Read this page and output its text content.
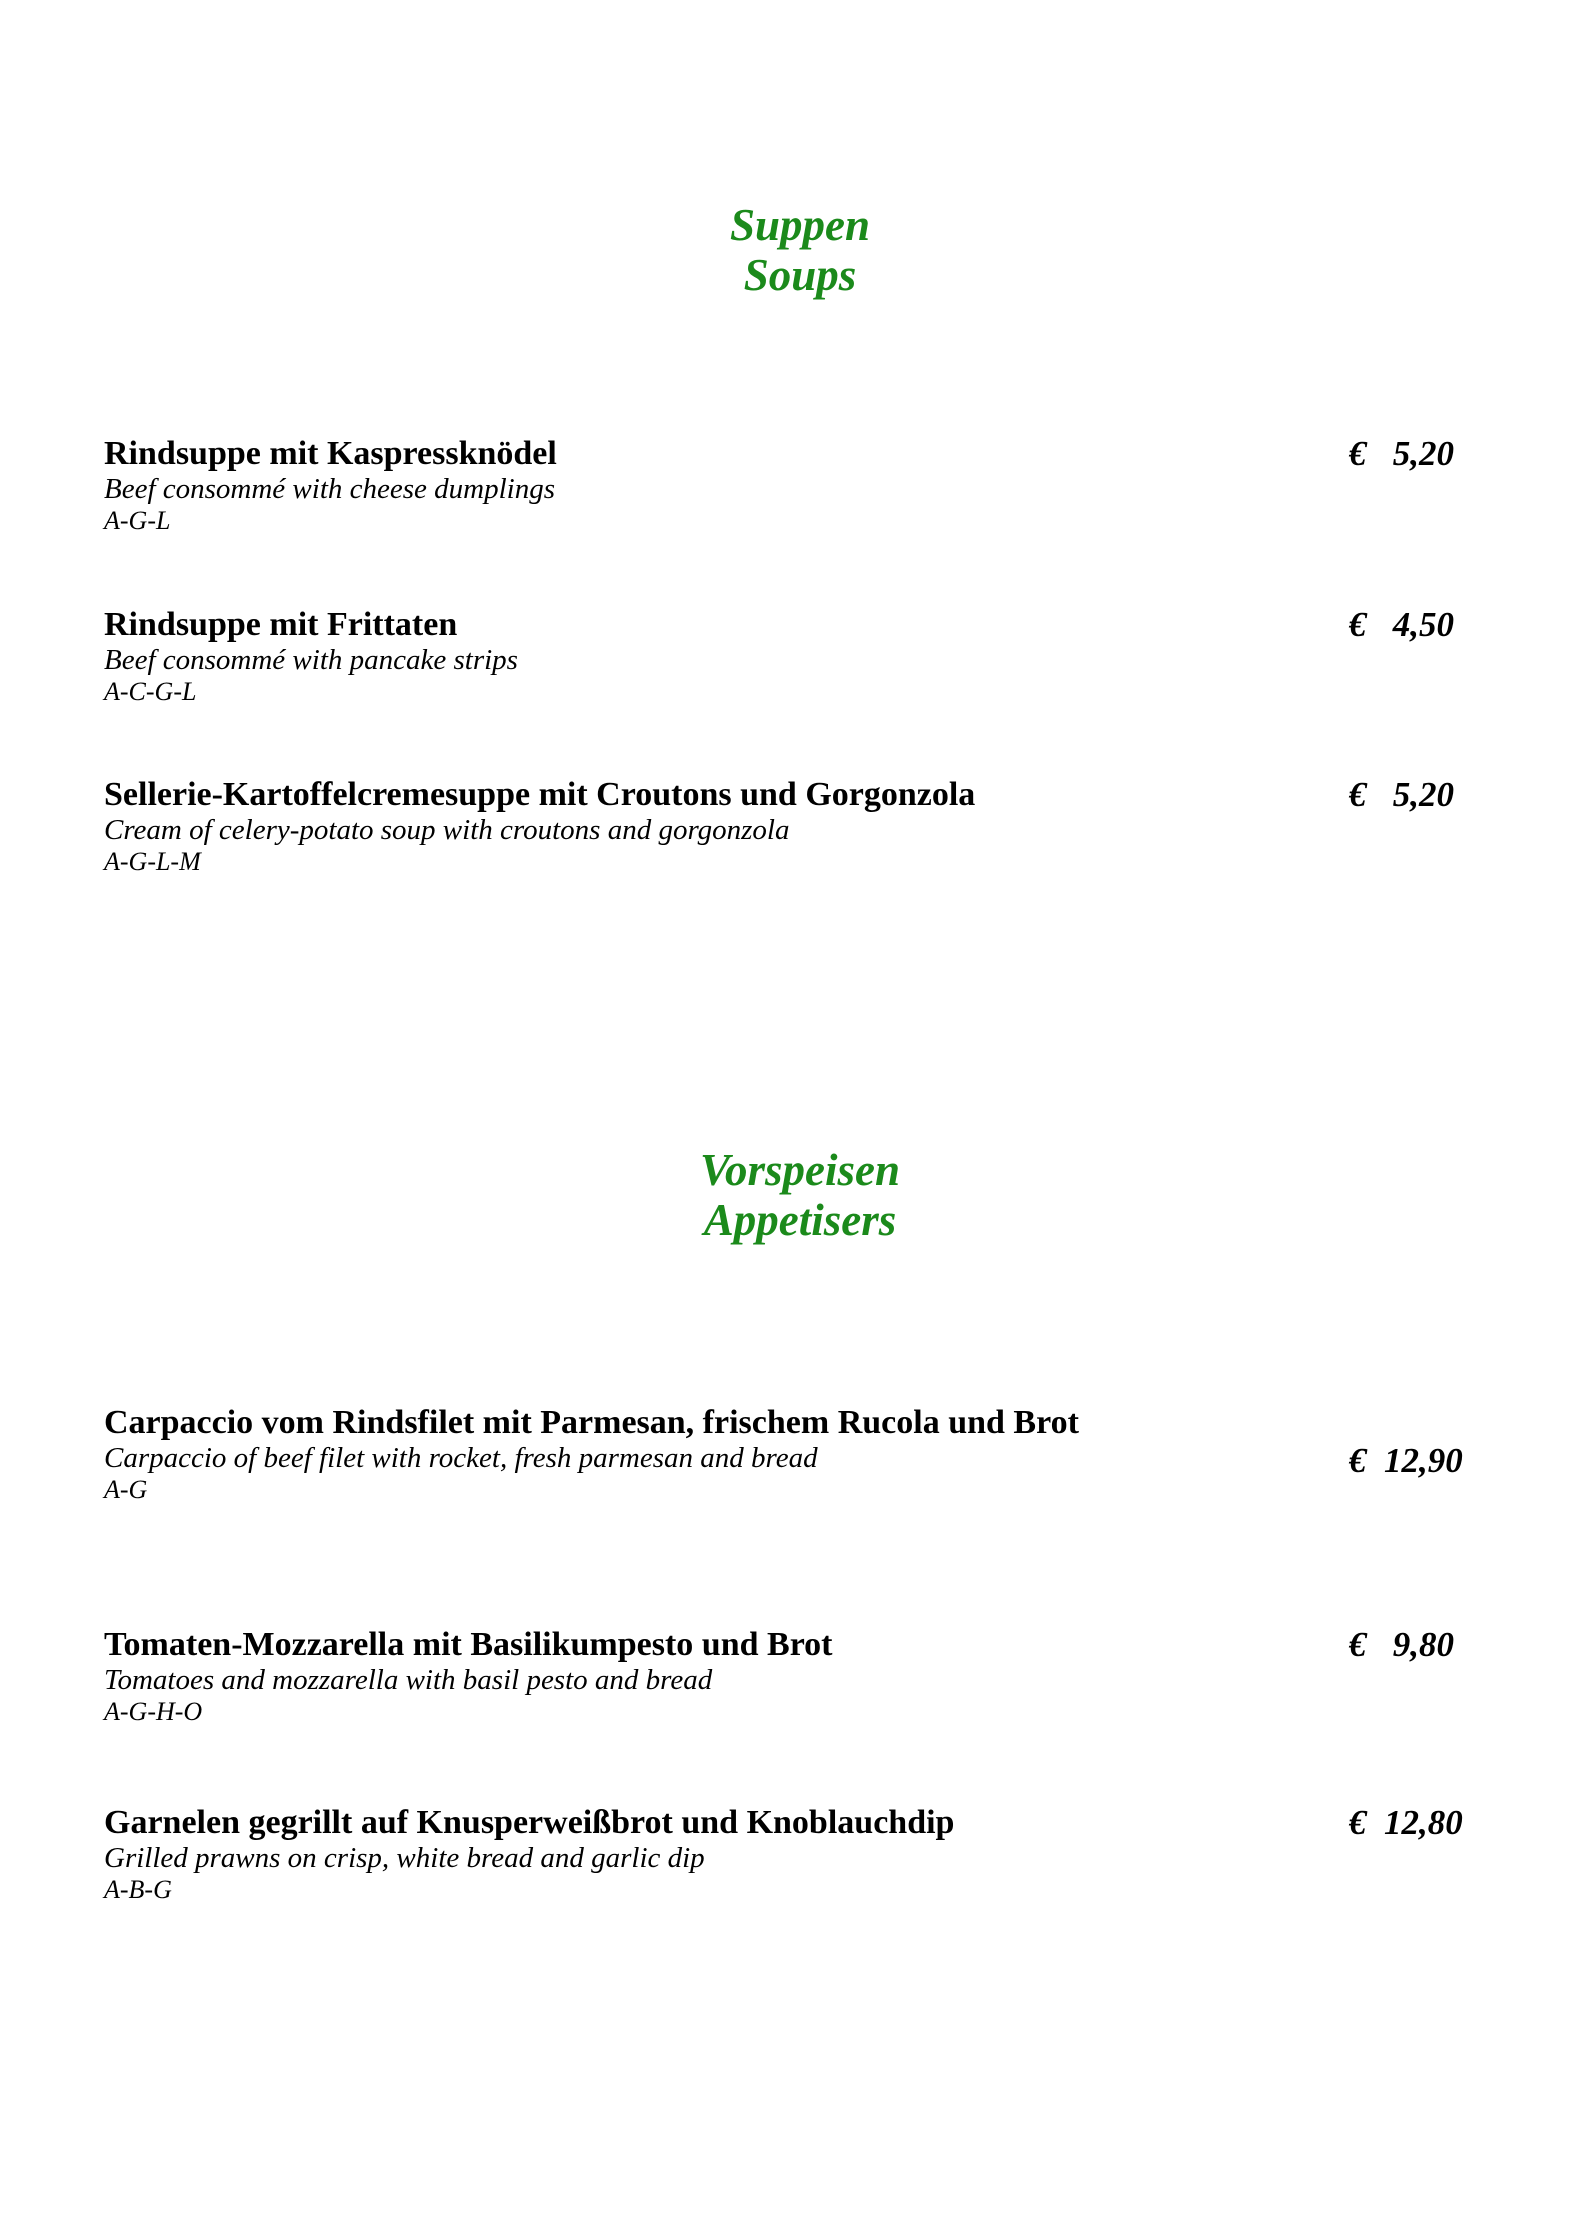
Suppen
Soups
Rindsuppe mit Kaspressknödel
Beef consommé with cheese dumplings
A-G-L
€ 5,20
Rindsuppe mit Frittaten
Beef consommé with pancake strips
A-C-G-L
€ 4,50
Sellerie-Kartoffelcremesuppe mit Croutons und Gorgonzola
Cream of celery-potato soup with croutons and gorgonzola
A-G-L-M
€ 5,20
Vorspeisen
Appetisers
Carpaccio vom Rindsfilet mit Parmesan, frischem Rucola und Brot
Carpaccio of beef filet with rocket, fresh parmesan and bread
A-G
€ 12,90
Tomaten-Mozzarella mit Basilikumpesto und Brot
Tomatoes and mozzarella with basil pesto and bread
A-G-H-O
€ 9,80
Garnelen gegrillt auf Knusperweißbrot und Knoblauchdip
Grilled prawns on crisp, white bread and garlic dip
A-B-G
€ 12,80
